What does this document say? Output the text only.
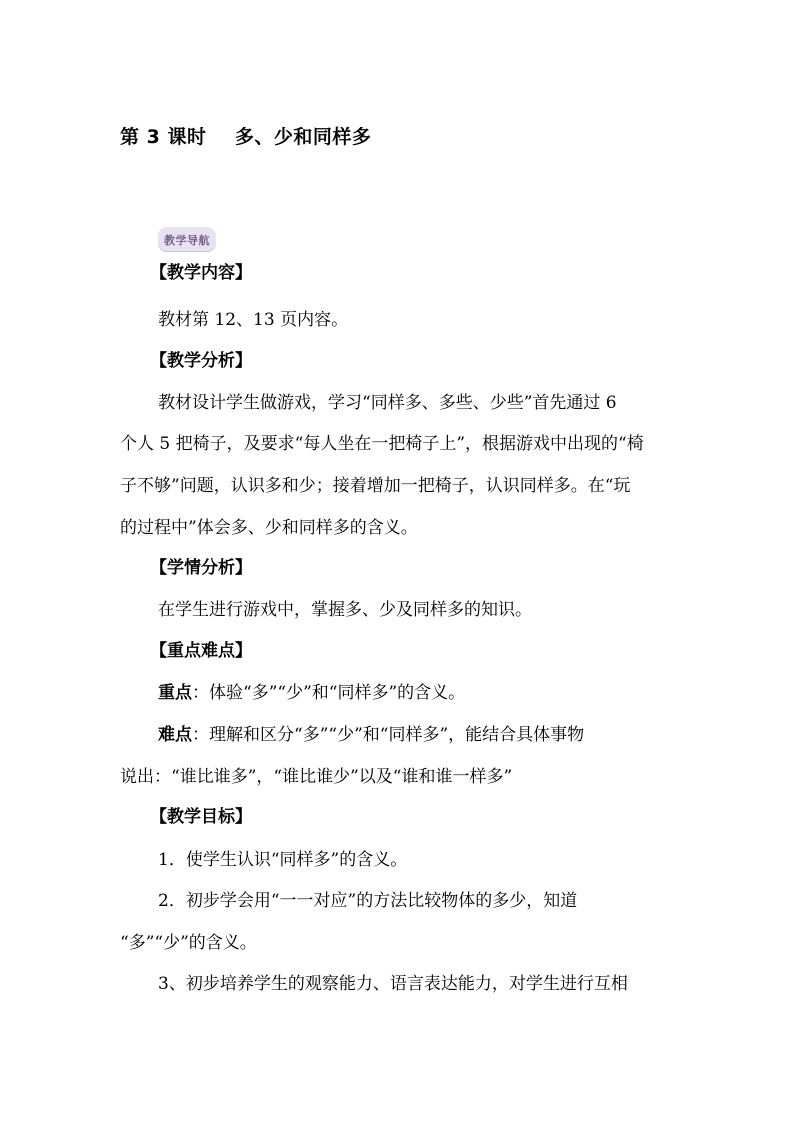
第 3 课时    多、少和同样多
教学导航
【教学内容】
教材第 12、13 页内容。
【教学分析】
教材设计学生做游戏，学习“同样多、多些、少些”首先通过 6
个人 5 把椅子，及要求“每人坐在一把椅子上”，根据游戏中出现的“椅
子不够”问题，认识多和少；接着增加一把椅子，认识同样多。在“玩
的过程中”体会多、少和同样多的含义。
【学情分析】
在学生进行游戏中，掌握多、少及同样多的知识。
【重点难点】
重点：体验“多”“少”和“同样多”的含义。
难点：理解和区分“多”“少”和“同样多”，能结合具体事物
说出：“谁比谁多”，“谁比谁少”以及“谁和谁一样多”
【教学目标】
1．使学生认识“同样多”的含义。
2．初步学会用“一一对应”的方法比较物体的多少，知道
“多”“少”的含义。
3、初步培养学生的观察能力、语言表达能力，对学生进行互相
